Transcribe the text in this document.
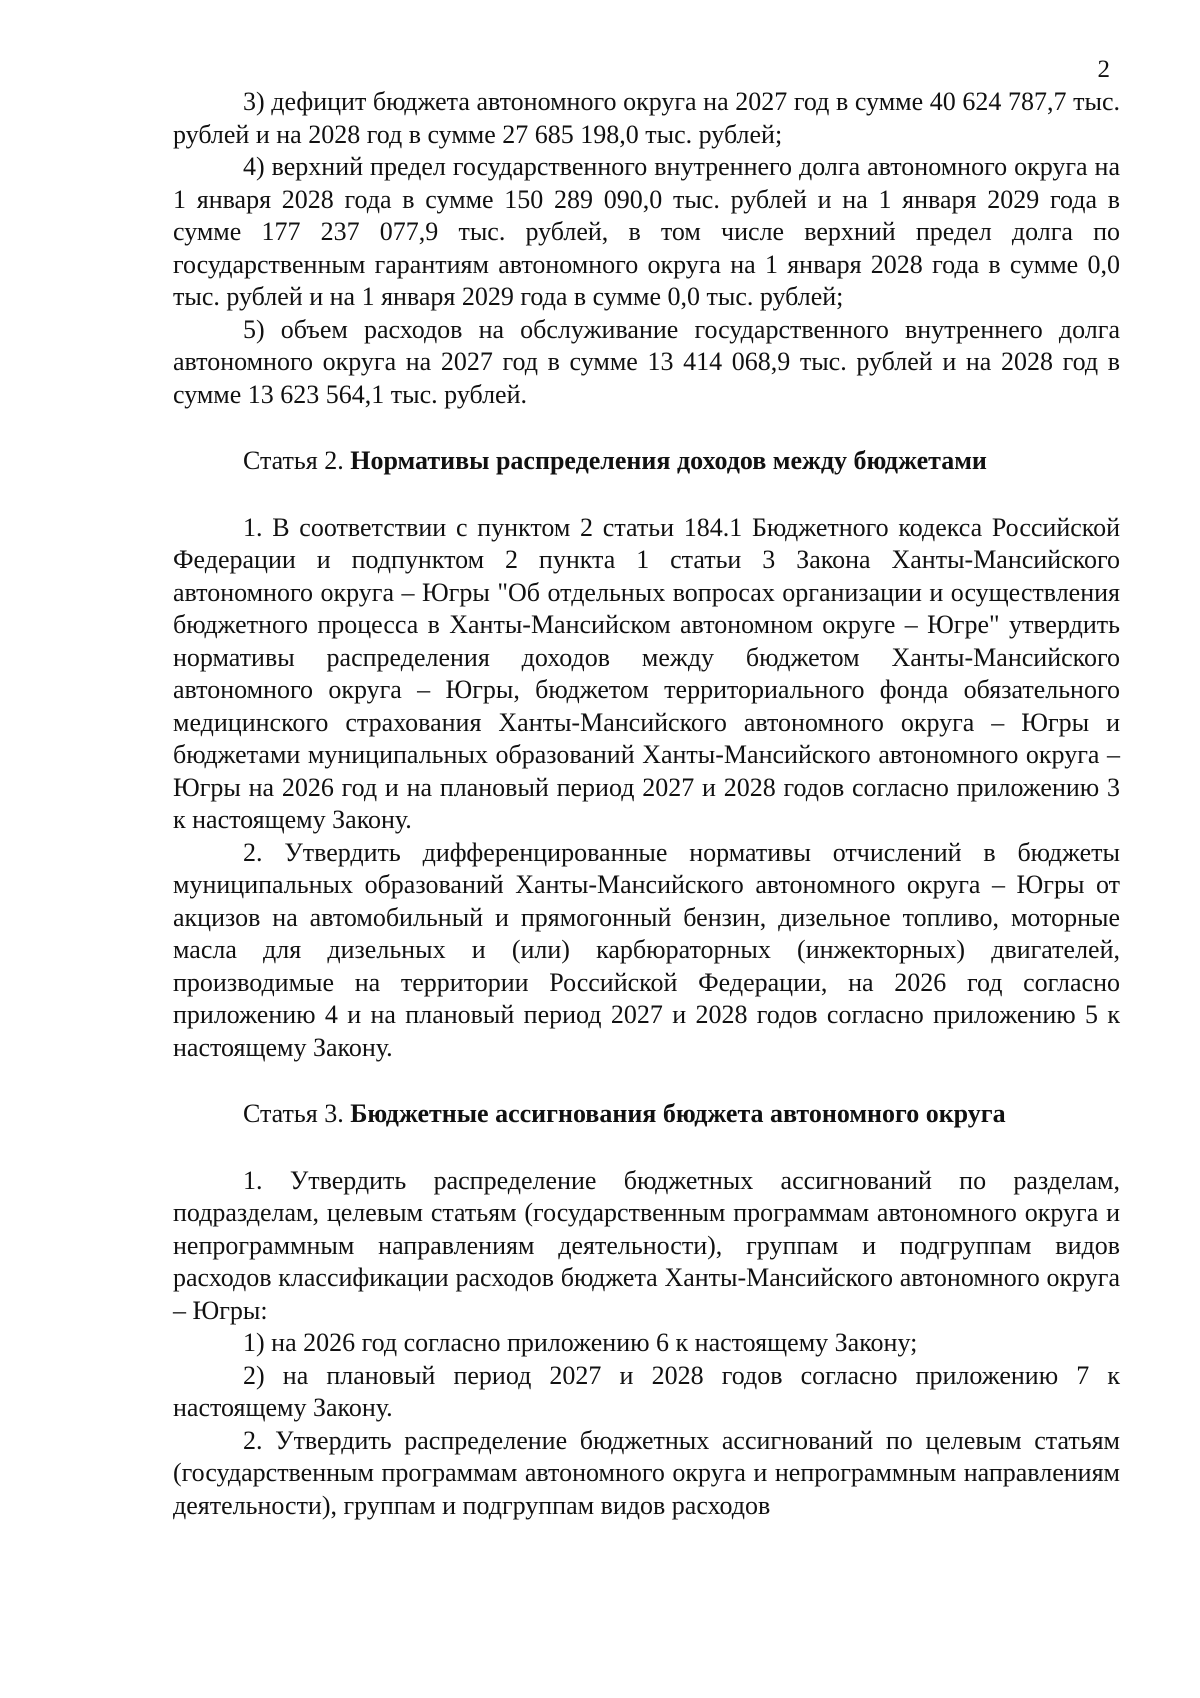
2

3) дефицит бюджета автономного округа на 2027 год в сумме 40 624 787,7 тыс. рублей и на 2028 год в сумме 27 685 198,0 тыс. рублей;

4) верхний предел государственного внутреннего долга автономного округа на 1 января 2028 года в сумме 150 289 090,0 тыс. рублей и на 1 января 2029 года в сумме 177 237 077,9 тыс. рублей, в том числе верхний предел долга по государственным гарантиям автономного округа на 1 января 2028 года в сумме 0,0 тыс. рублей и на 1 января 2029 года в сумме 0,0 тыс. рублей;

5) объем расходов на обслуживание государственного внутреннего долга автономного округа на 2027 год в сумме 13 414 068,9 тыс. рублей и на 2028 год в сумме 13 623 564,1 тыс. рублей.

Статья 2. Нормативы распределения доходов между бюджетами

1. В соответствии с пунктом 2 статьи 184.1 Бюджетного кодекса Российской Федерации и подпунктом 2 пункта 1 статьи 3 Закона Ханты-Мансийского автономного округа – Югры "Об отдельных вопросах организации и осуществления бюджетного процесса в Ханты-Мансийском автономном округе – Югре" утвердить нормативы распределения доходов между бюджетом Ханты-Мансийского автономного округа – Югры, бюджетом территориального фонда обязательного медицинского страхования Ханты-Мансийского автономного округа – Югры и бюджетами муниципальных образований Ханты-Мансийского автономного округа – Югры на 2026 год и на плановый период 2027 и 2028 годов согласно приложению 3 к настоящему Закону.

2. Утвердить дифференцированные нормативы отчислений в бюджеты муниципальных образований Ханты-Мансийского автономного округа – Югры от акцизов на автомобильный и прямогонный бензин, дизельное топливо, моторные масла для дизельных и (или) карбюраторных (инжекторных) двигателей, производимые на территории Российской Федерации, на 2026 год согласно приложению 4 и на плановый период 2027 и 2028 годов согласно приложению 5 к настоящему Закону.

Статья 3. Бюджетные ассигнования бюджета автономного округа

1. Утвердить распределение бюджетных ассигнований по разделам, подразделам, целевым статьям (государственным программам автономного округа и непрограммным направлениям деятельности), группам и подгруппам видов расходов классификации расходов бюджета Ханты-Мансийского автономного округа – Югры:

1) на 2026 год согласно приложению 6 к настоящему Закону;

2) на плановый период 2027 и 2028 годов согласно приложению 7 к настоящему Закону.

2. Утвердить распределение бюджетных ассигнований по целевым статьям (государственным программам автономного округа и непрограммным направлениям деятельности), группам и подгруппам видов расходов
